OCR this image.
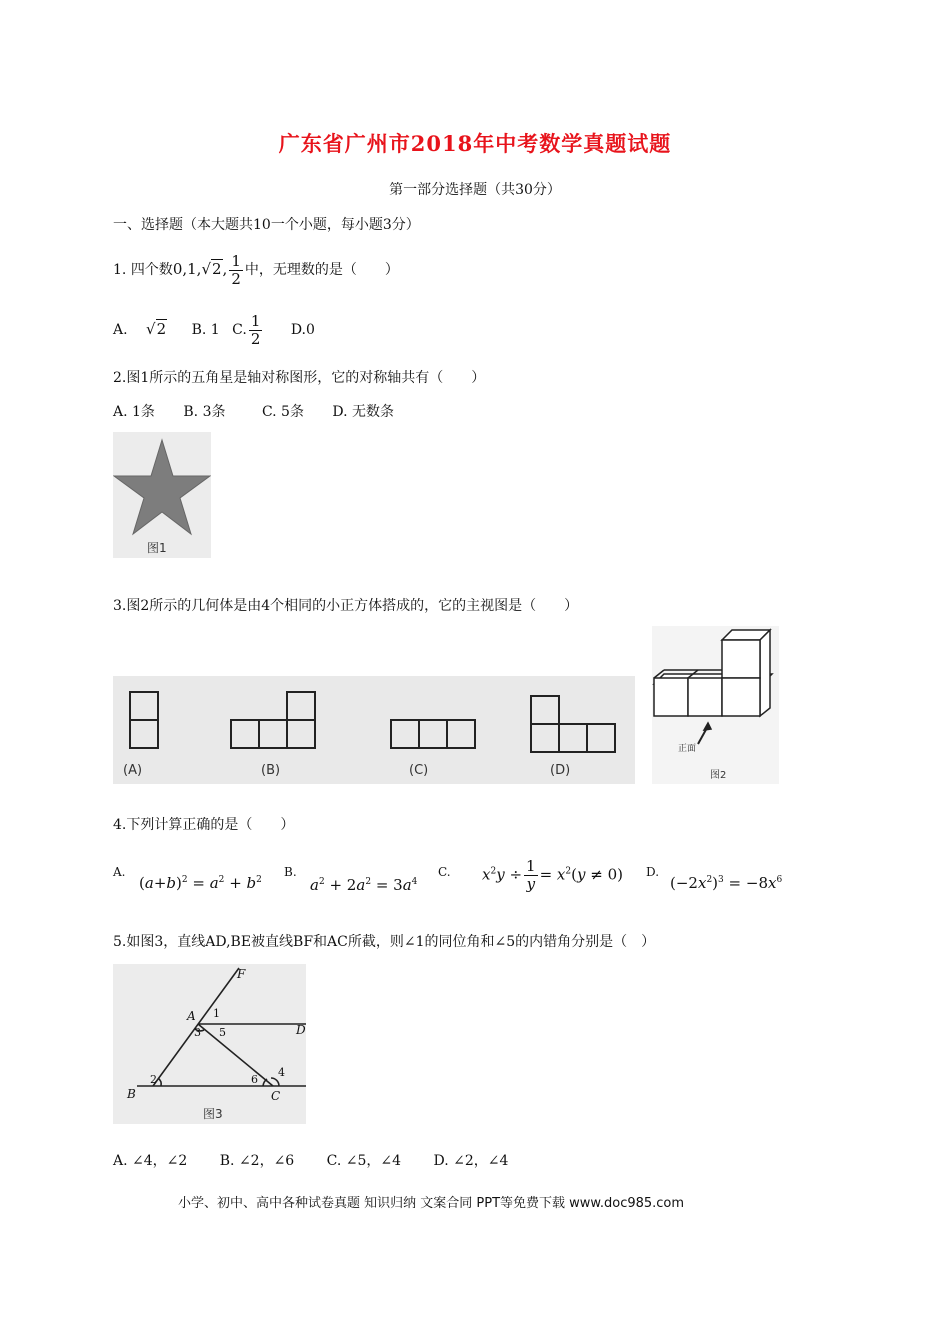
广东省广州市2018年中考数学真题试题
第一部分选择题（共30分）
一、选择题（本大题共10一个小题，每小题3分）
1. 四个数0,1,√2, $\frac{1}{2}$ 中，无理数的是（　　）
A. √2 B. 1 C. $\frac{1}{2} D.0$
2.图1所示的五角星是轴对称图形，它的对称轴共有（　　）
A. 1条 B. 3条	C. 5条 D. 无数条
图1
3.图2所示的几何体是由4个相同的小正方体搭成的，它的主视图是（　　）
(A)	(B)	(C)	(D)
正面
图2
4.下列计算正确的是（　　）
A.
$(a+b)^2 = a^2 + b^2$
B.
$a^2 + 2a^2 = 3a^4$
C. $x^2y \div \frac{1}{y} = x^2(y \ne 0)$ D.
$(-2x^2)^3 = -8x^6$
5.如图3，直线AD,BE被直线BF和AC所截，则∠1的同位角和∠5的内错角分别是（　）
F
A
D
B	C
1
3 5
2	6
4
图3
A. ∠4，∠2 B. ∠2，∠6 C. ∠5，∠4 D. ∠2，∠4
小学、初中、高中各种试卷真题 知识归纳 文案合同 PPT等免费下载 www.doc985.com
